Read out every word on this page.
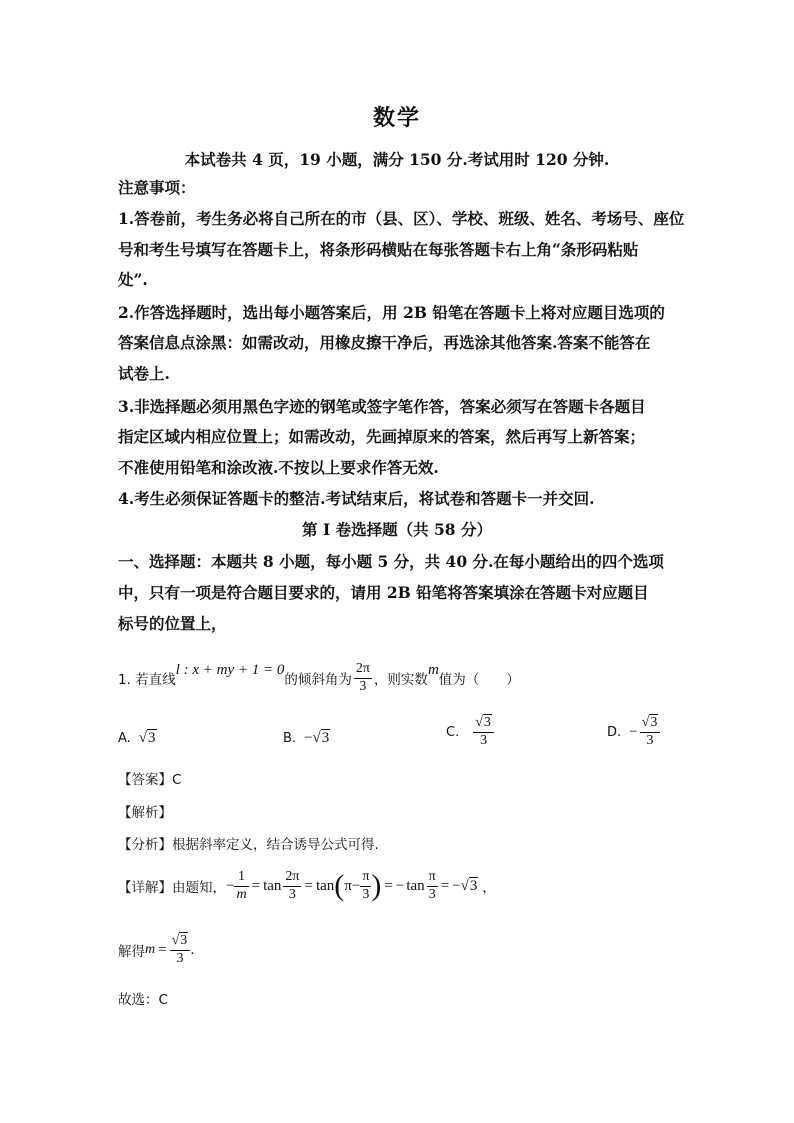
数学
本试卷共 4 页，19 小题，满分 150 分.考试用时 120 分钟.
注意事项：
1.答卷前，考生务必将自己所在的市（县、区）、学校、班级、姓名、考场号、座位
号和考生号填写在答题卡上，将条形码横贴在每张答题卡右上角“条形码粘贴
处”.
2.作答选择题时，选出每小题答案后，用 2B 铅笔在答题卡上将对应题目选项的
答案信息点涂黑：如需改动，用橡皮擦干净后，再选涂其他答案.答案不能答在
试卷上.
3.非选择题必须用黑色字迹的钢笔或签字笔作答，答案必须写在答题卡各题目
指定区域内相应位置上；如需改动，先画掉原来的答案，然后再写上新答案；
不准使用铅笔和涂改液.不按以上要求作答无效.
4.考生必须保证答题卡的整洁.考试结束后，将试卷和答题卡一并交回.
第 I 卷选择题（共 58 分）
一、选择题：本题共 8 小题，每小题 5 分，共 40 分.在每小题给出的四个选项
中，只有一项是符合题目要求的，请用 2B 铅笔将答案填涂在答题卡对应题目
标号的位置上，
1. 若直线
l : x + my + 1 = 0
的倾斜角为 $\frac{2\pi}{3}$ ，则实数
m
值为（　　）
A. √3	B. −√3	C. $\frac{√3}{3}$	D. − $\frac{√3}{3}$
【答案】C
【解析】
【分析】根据斜率定义，结合诱导公式可得.
【详解】由题知， − $\frac{1}{m} = \tan \frac{2\pi}{3} = \tan$ ( $\pi - \frac{\pi}{3}$ ) = − $\tan \frac{\pi}{3}$ = − √3 ，
解得 $m = \frac{√3}{3}$ .
故选：C
